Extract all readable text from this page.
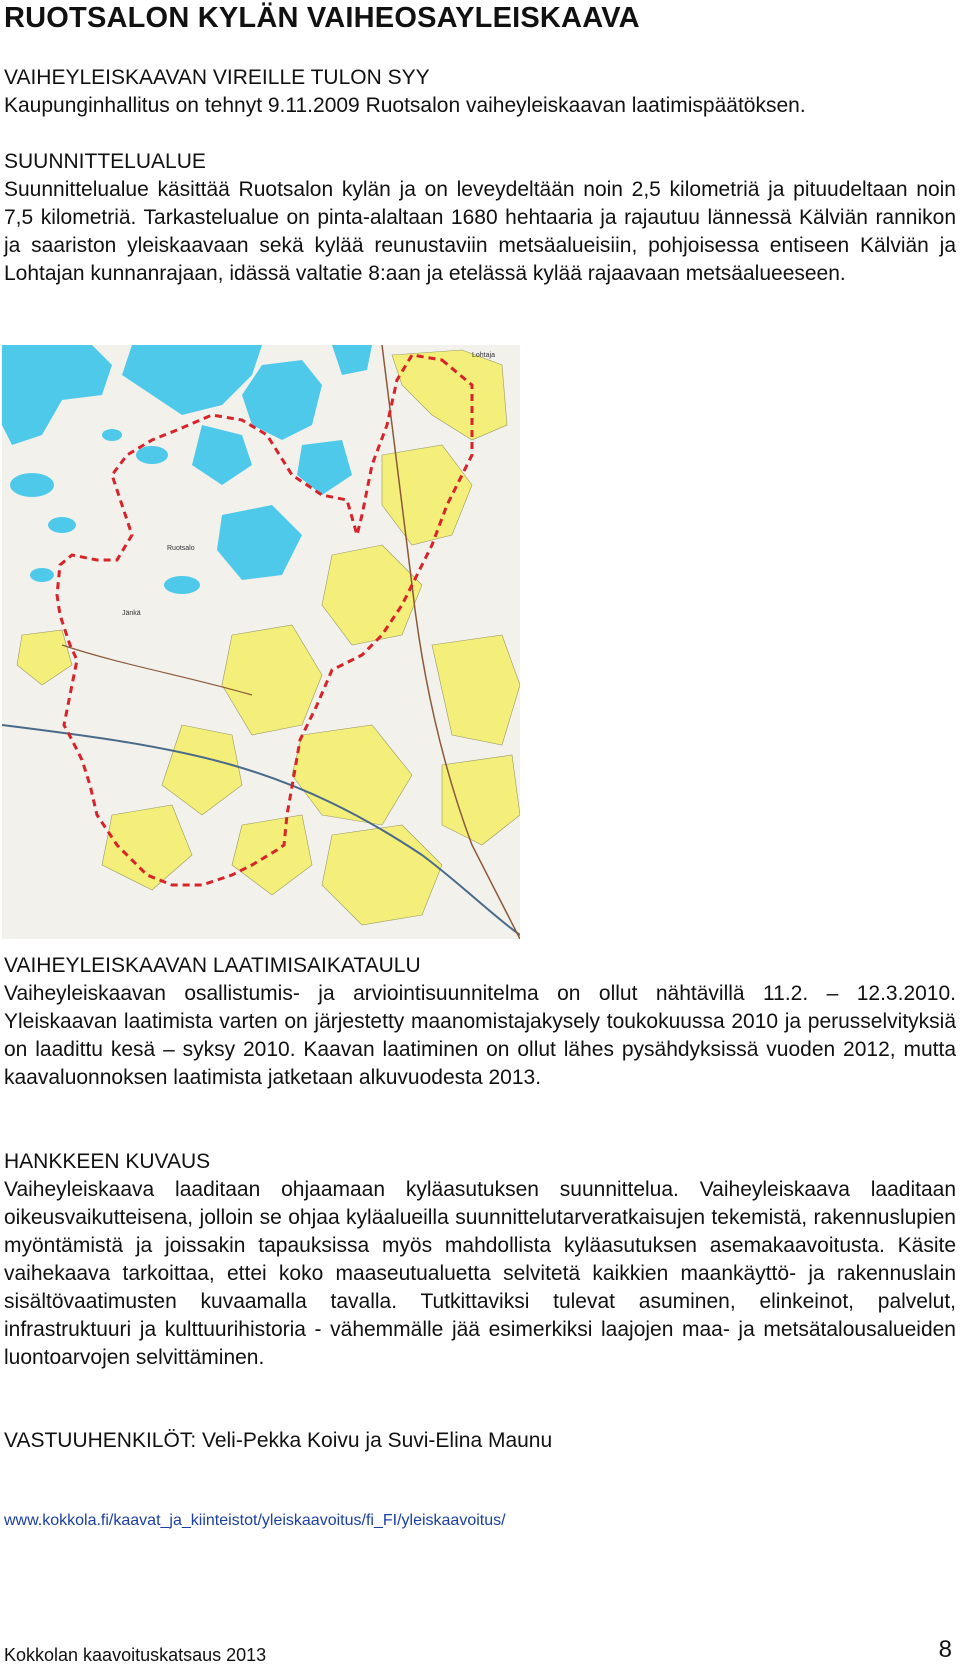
RUOTSALON KYLÄN VAIHEOSAYLEISKAAVA
VAIHEYLEISKAAVAN VIREILLE TULON SYY

Kaupunginhallitus on tehnyt 9.11.2009 Ruotsalon vaiheyleiskaavan laatimispäätöksen.

SUUNNITTELUALUE

Suunnittelualue käsittää Ruotsalon kylän ja on leveydeltään noin 2,5 kilometriä ja pituudeltaan noin 7,5 kilometriä. Tarkastelualue on pinta-alaltaan 1680 hehtaaria ja rajautuu lännessä Kälviän rannikon ja saariston yleiskaavaan sekä kylää reunustaviin metsäalueisiin, pohjoisessa entiseen Kälviän ja Lohtajan kunnanrajaan, idässä valtatie 8:aan ja etelässä kylää rajaavaan metsäalueeseen.

Lohtaja
Ruotsalo
Jänkä
VAIHEYLEISKAAVAN LAATIMISAIKATAULU

Vaiheyleiskaavan osallistumis- ja arviointisuunnitelma on ollut nähtävillä 11.2. – 12.3.2010. Yleiskaavan laatimista varten on järjestetty maanomistajakysely toukokuussa 2010 ja perusselvityksiä on laadittu kesä – syksy 2010. Kaavan laatiminen on ollut lähes pysähdyksissä vuoden 2012, mutta kaavaluonnoksen laatimista jatketaan alkuvuodesta 2013.

HANKKEEN KUVAUS

Vaiheyleiskaava laaditaan ohjaamaan kyläasutuksen suunnittelua. Vaiheyleiskaava laaditaan oikeusvaikutteisena, jolloin se ohjaa kyläalueilla suunnittelutarveratkaisujen tekemistä, rakennuslupien myöntämistä ja joissakin tapauksissa myös mahdollista kyläasutuksen asemakaavoitusta. Käsite vaihekaava tarkoittaa, ettei koko maaseutualuetta selvitetä kaikkien maankäyttö- ja rakennuslain sisältövaatimusten kuvaamalla tavalla. Tutkittaviksi tulevat asuminen, elinkeinot, palvelut, infrastruktuuri ja kulttuurihistoria - vähemmälle jää esimerkiksi laajojen maa- ja metsätalousalueiden luontoarvojen selvittäminen.

VASTUUHENKILÖT: Veli-Pekka Koivu ja Suvi-Elina Maunu

www.kokkola.fi/kaavat_ja_kiinteistot/yleiskaavoitus/fi_FI/yleiskaavoitus/
Kokkolan kaavoituskatsaus 2013	8
